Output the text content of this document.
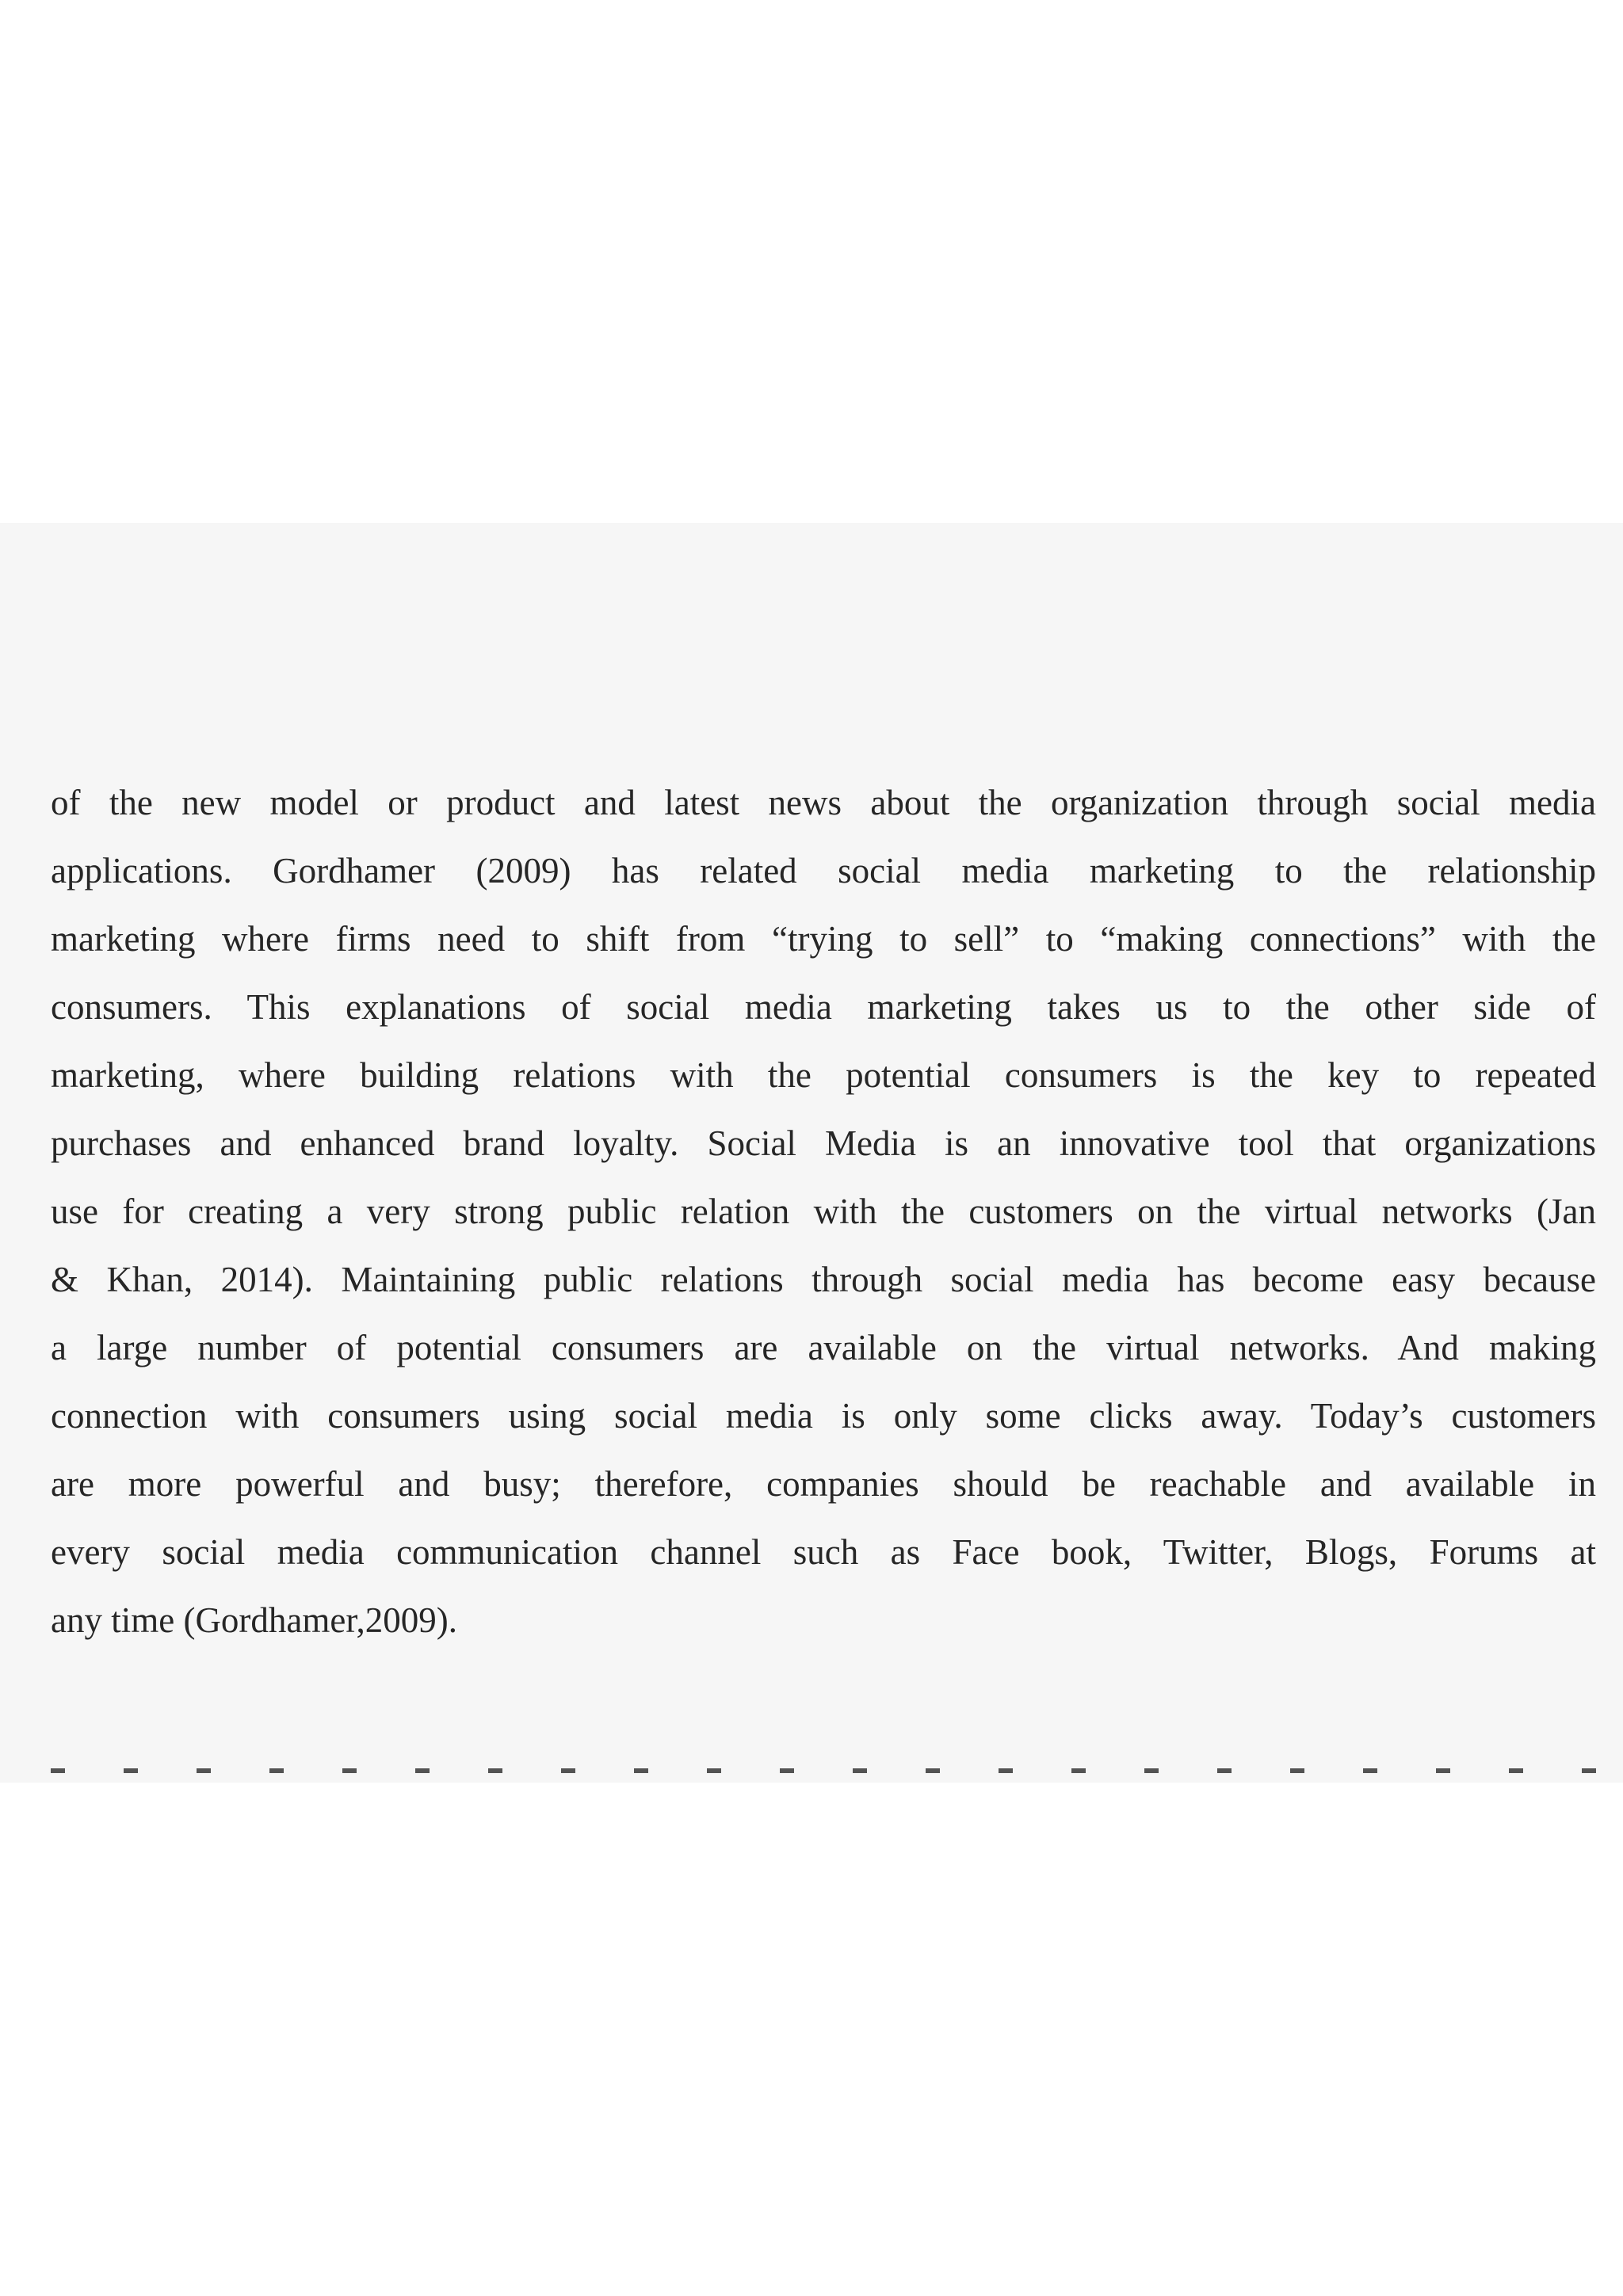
of the new model or product and latest news about the organization through social media
applications. Gordhamer (2009) has related social media marketing to the relationship
marketing where firms need to shift from “trying to sell” to “making connections” with the
consumers. This explanations of social media marketing takes us to the other side of
marketing, where building relations with the potential consumers is the key to repeated
purchases and enhanced brand loyalty. Social Media is an innovative tool that organizations
use for creating a very strong public relation with the customers on the virtual networks (Jan
& Khan, 2014). Maintaining public relations through social media has become easy because
a large number of potential consumers are available on the virtual networks. And making
connection with consumers using social media is only some clicks away. Today’s customers
are more powerful and busy; therefore, companies should be reachable and available in
every social media communication channel such as Face book, Twitter, Blogs, Forums at
any time (Gordhamer,2009).
